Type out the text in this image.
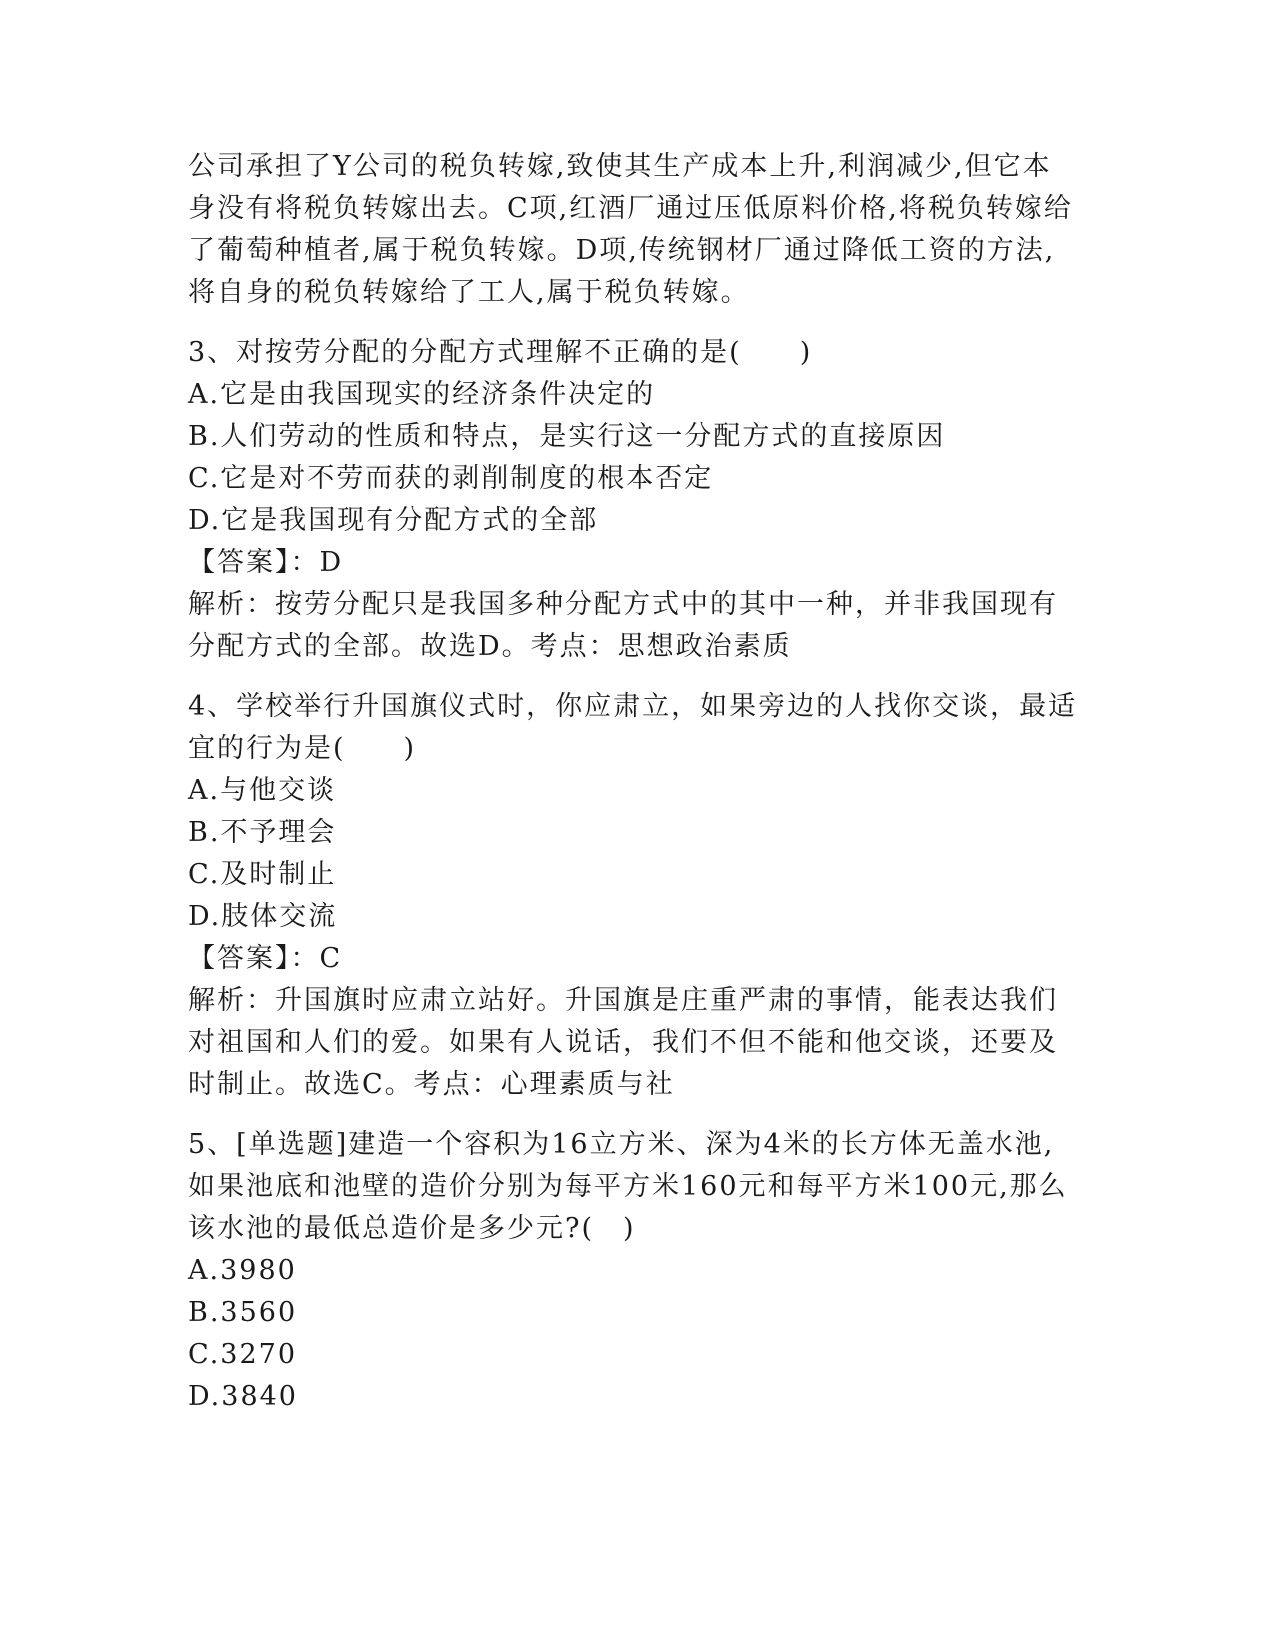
公司承担了Y公司的税负转嫁,致使其生产成本上升,利润减少,但它本
身没有将税负转嫁出去。C项,红酒厂通过压低原料价格,将税负转嫁给
了葡萄种植者,属于税负转嫁。D项,传统钢材厂通过降低工资的方法,
将自身的税负转嫁给了工人,属于税负转嫁。
3、对按劳分配的分配方式理解不正确的是(　　)
A.它是由我国现实的经济条件决定的
B.人们劳动的性质和特点，是实行这一分配方式的直接原因
C.它是对不劳而获的剥削制度的根本否定
D.它是我国现有分配方式的全部
【答案】：D
解析：按劳分配只是我国多种分配方式中的其中一种，并非我国现有
分配方式的全部。故选D。考点：思想政治素质
4、学校举行升国旗仪式时，你应肃立，如果旁边的人找你交谈，最适
宜的行为是(　　)
A.与他交谈
B.不予理会
C.及时制止
D.肢体交流
【答案】：C
解析：升国旗时应肃立站好。升国旗是庄重严肃的事情，能表达我们
对祖国和人们的爱。如果有人说话，我们不但不能和他交谈，还要及
时制止。故选C。考点：心理素质与社
5、[单选题]建造一个容积为16立方米、深为4米的长方体无盖水池,
如果池底和池壁的造价分别为每平方米160元和每平方米100元,那么
该水池的最低总造价是多少元?(　)
A.3980
B.3560
C.3270
D.3840
